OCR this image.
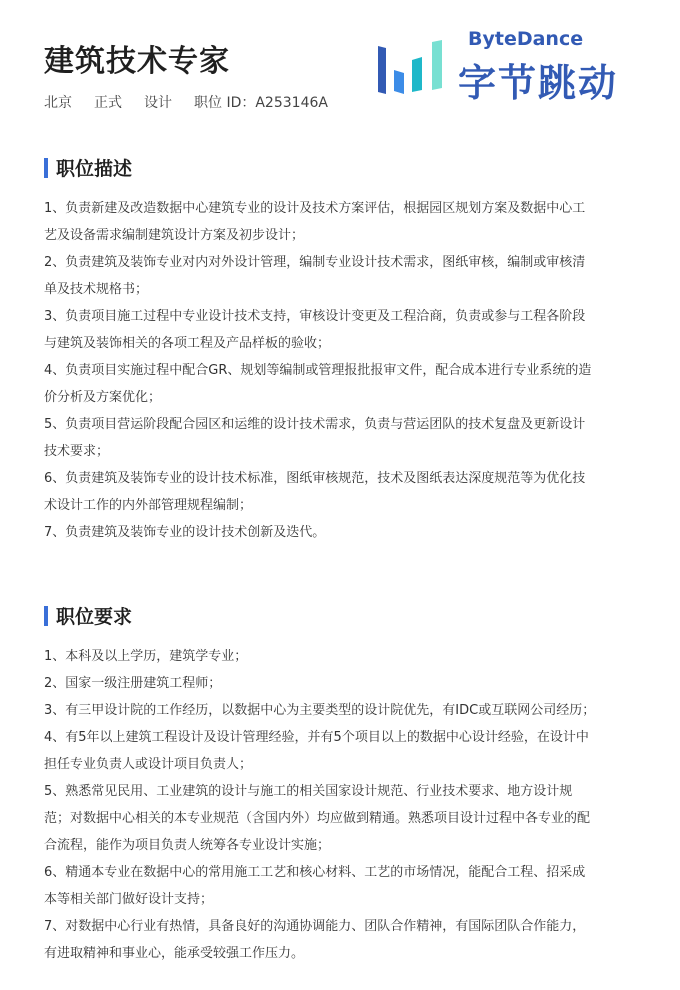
建筑技术专家
北京 正式 设计 职位 ID：A253146A
ByteDance
字节跳动
职位描述
1、负责新建及改造数据中心建筑专业的设计及技术方案评估，根据园区规划方案及数据中心工
艺及设备需求编制建筑设计方案及初步设计；
2、负责建筑及装饰专业对内对外设计管理，编制专业设计技术需求，图纸审核，编制或审核清
单及技术规格书；
3、负责项目施工过程中专业设计技术支持，审核设计变更及工程洽商，负责或参与工程各阶段
与建筑及装饰相关的各项工程及产品样板的验收；
4、负责项目实施过程中配合GR、规划等编制或管理报批报审文件，配合成本进行专业系统的造
价分析及方案优化；
5、负责项目营运阶段配合园区和运维的设计技术需求，负责与营运团队的技术复盘及更新设计
技术要求；
6、负责建筑及装饰专业的设计技术标准，图纸审核规范，技术及图纸表达深度规范等为优化技
术设计工作的内外部管理规程编制；
7、负责建筑及装饰专业的设计技术创新及迭代。
职位要求
1、本科及以上学历，建筑学专业；
2、国家一级注册建筑工程师；
3、有三甲设计院的工作经历，以数据中心为主要类型的设计院优先，有IDC或互联网公司经历；
4、有5年以上建筑工程设计及设计管理经验，并有5个项目以上的数据中心设计经验，在设计中
担任专业负责人或设计项目负责人；
5、熟悉常见民用、工业建筑的设计与施工的相关国家设计规范、行业技术要求、地方设计规
范；对数据中心相关的本专业规范（含国内外）均应做到精通。熟悉项目设计过程中各专业的配
合流程，能作为项目负责人统筹各专业设计实施；
6、精通本专业在数据中心的常用施工工艺和核心材料、工艺的市场情况，能配合工程、招采成
本等相关部门做好设计支持；
7、对数据中心行业有热情，具备良好的沟通协调能力、团队合作精神，有国际团队合作能力，
有进取精神和事业心，能承受较强工作压力。
